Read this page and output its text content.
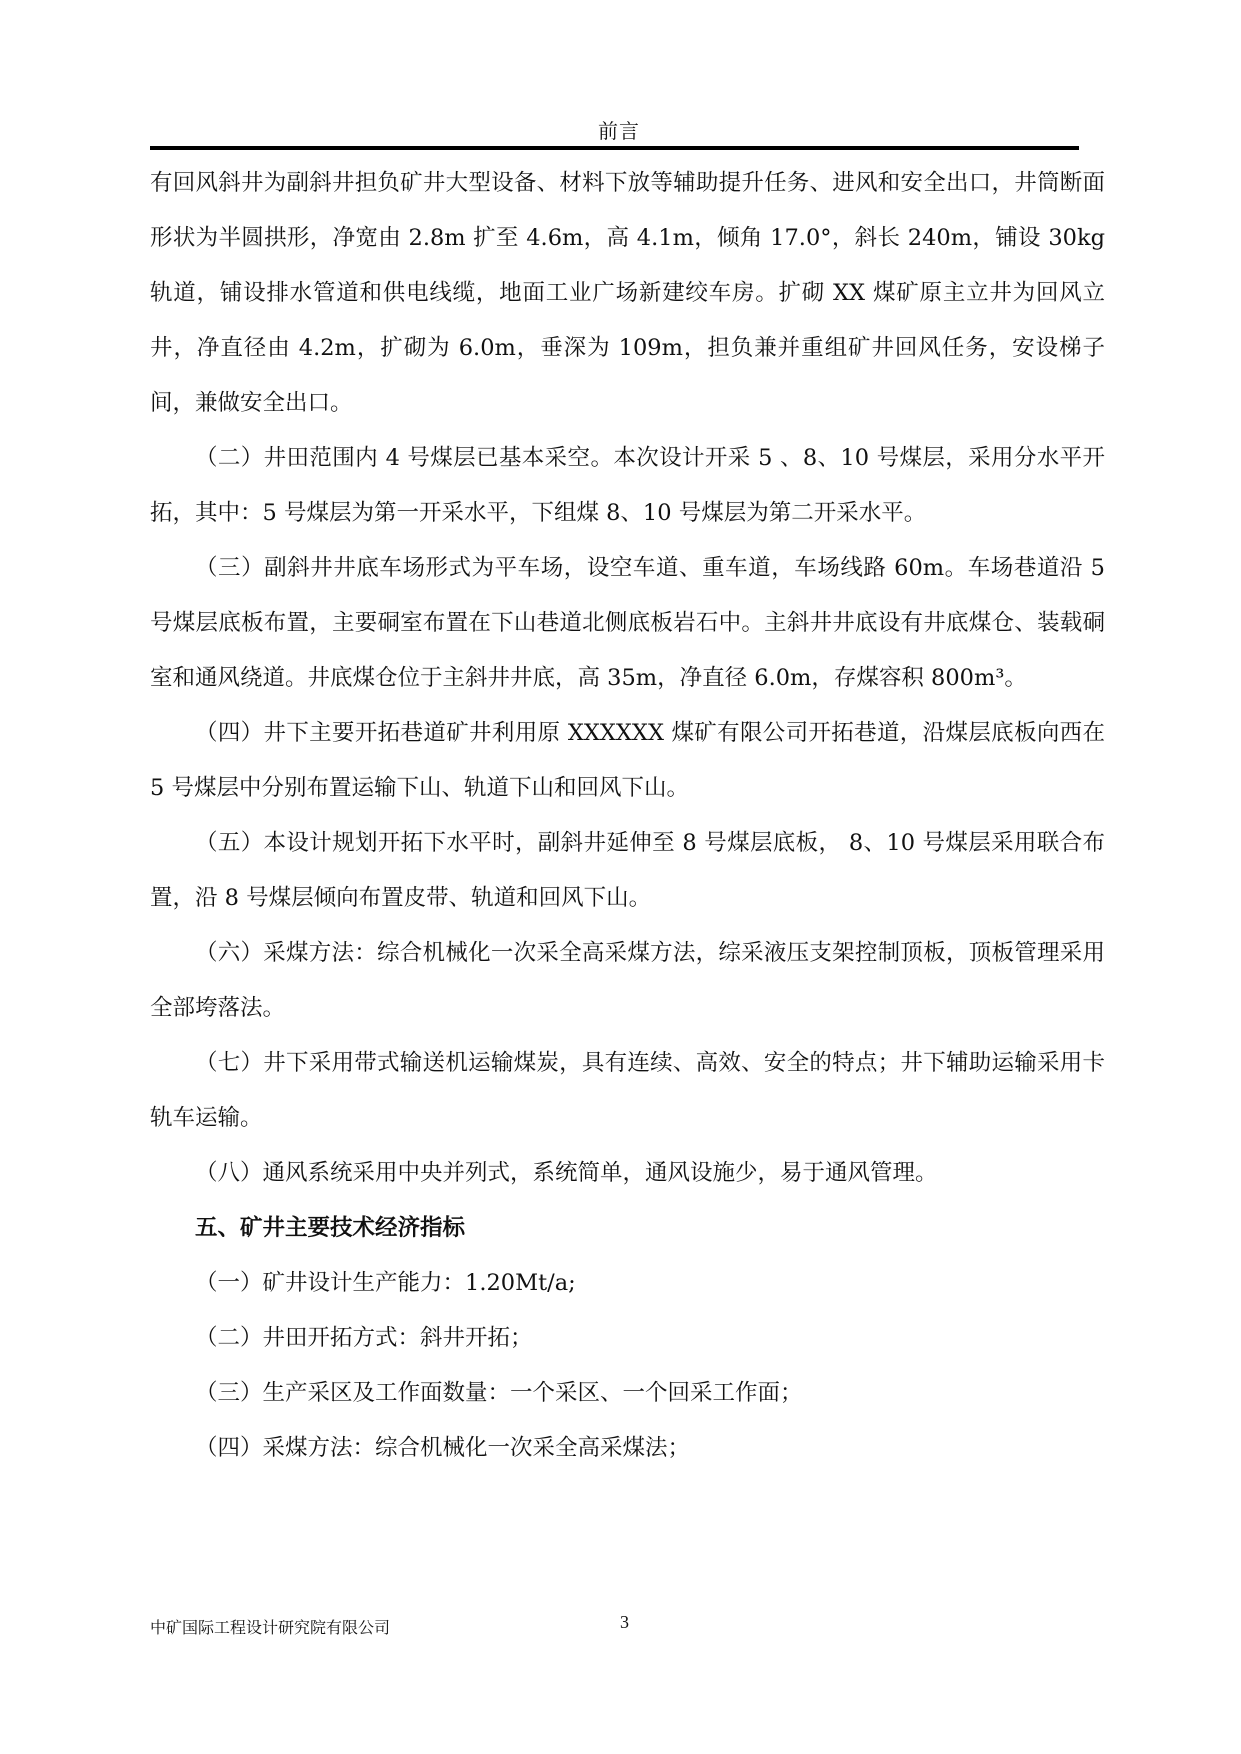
前言

有回风斜井为副斜井担负矿井大型设备、材料下放等辅助提升任务、进风和安全出口，井筒断面形状为半圆拱形，净宽由 2.8m 扩至 4.6m，高 4.1m，倾角 17.0°，斜长 240m，铺设 30kg 轨道，铺设排水管道和供电线缆，地面工业广场新建绞车房。扩砌 XX 煤矿原主立井为回风立井，净直径由 4.2m，扩砌为 6.0m，垂深为 109m，担负兼并重组矿井回风任务，安设梯子间，兼做安全出口。

（二）井田范围内 4 号煤层已基本采空。本次设计开采 5 、8、10 号煤层，采用分水平开拓，其中：5 号煤层为第一开采水平，下组煤 8、10 号煤层为第二开采水平。

（三）副斜井井底车场形式为平车场，设空车道、重车道，车场线路 60m。车场巷道沿 5 号煤层底板布置，主要硐室布置在下山巷道北侧底板岩石中。主斜井井底设有井底煤仓、装载硐室和通风绕道。井底煤仓位于主斜井井底，高 35m，净直径 6.0m，存煤容积 800m³。

（四）井下主要开拓巷道矿井利用原 XXXXXX 煤矿有限公司开拓巷道，沿煤层底板向西在 5 号煤层中分别布置运输下山、轨道下山和回风下山。

（五）本设计规划开拓下水平时，副斜井延伸至 8 号煤层底板， 8、10 号煤层采用联合布置，沿 8 号煤层倾向布置皮带、轨道和回风下山。

（六）采煤方法：综合机械化一次采全高采煤方法，综采液压支架控制顶板，顶板管理采用全部垮落法。

（七）井下采用带式输送机运输煤炭，具有连续、高效、安全的特点；井下辅助运输采用卡轨车运输。

（八）通风系统采用中央并列式，系统简单，通风设施少，易于通风管理。

五、矿井主要技术经济指标

（一）矿井设计生产能力：1.20Mt/a;

（二）井田开拓方式：斜井开拓；

（三）生产采区及工作面数量：一个采区、一个回采工作面；

（四）采煤方法：综合机械化一次采全高采煤法；

中矿国际工程设计研究院有限公司	3
